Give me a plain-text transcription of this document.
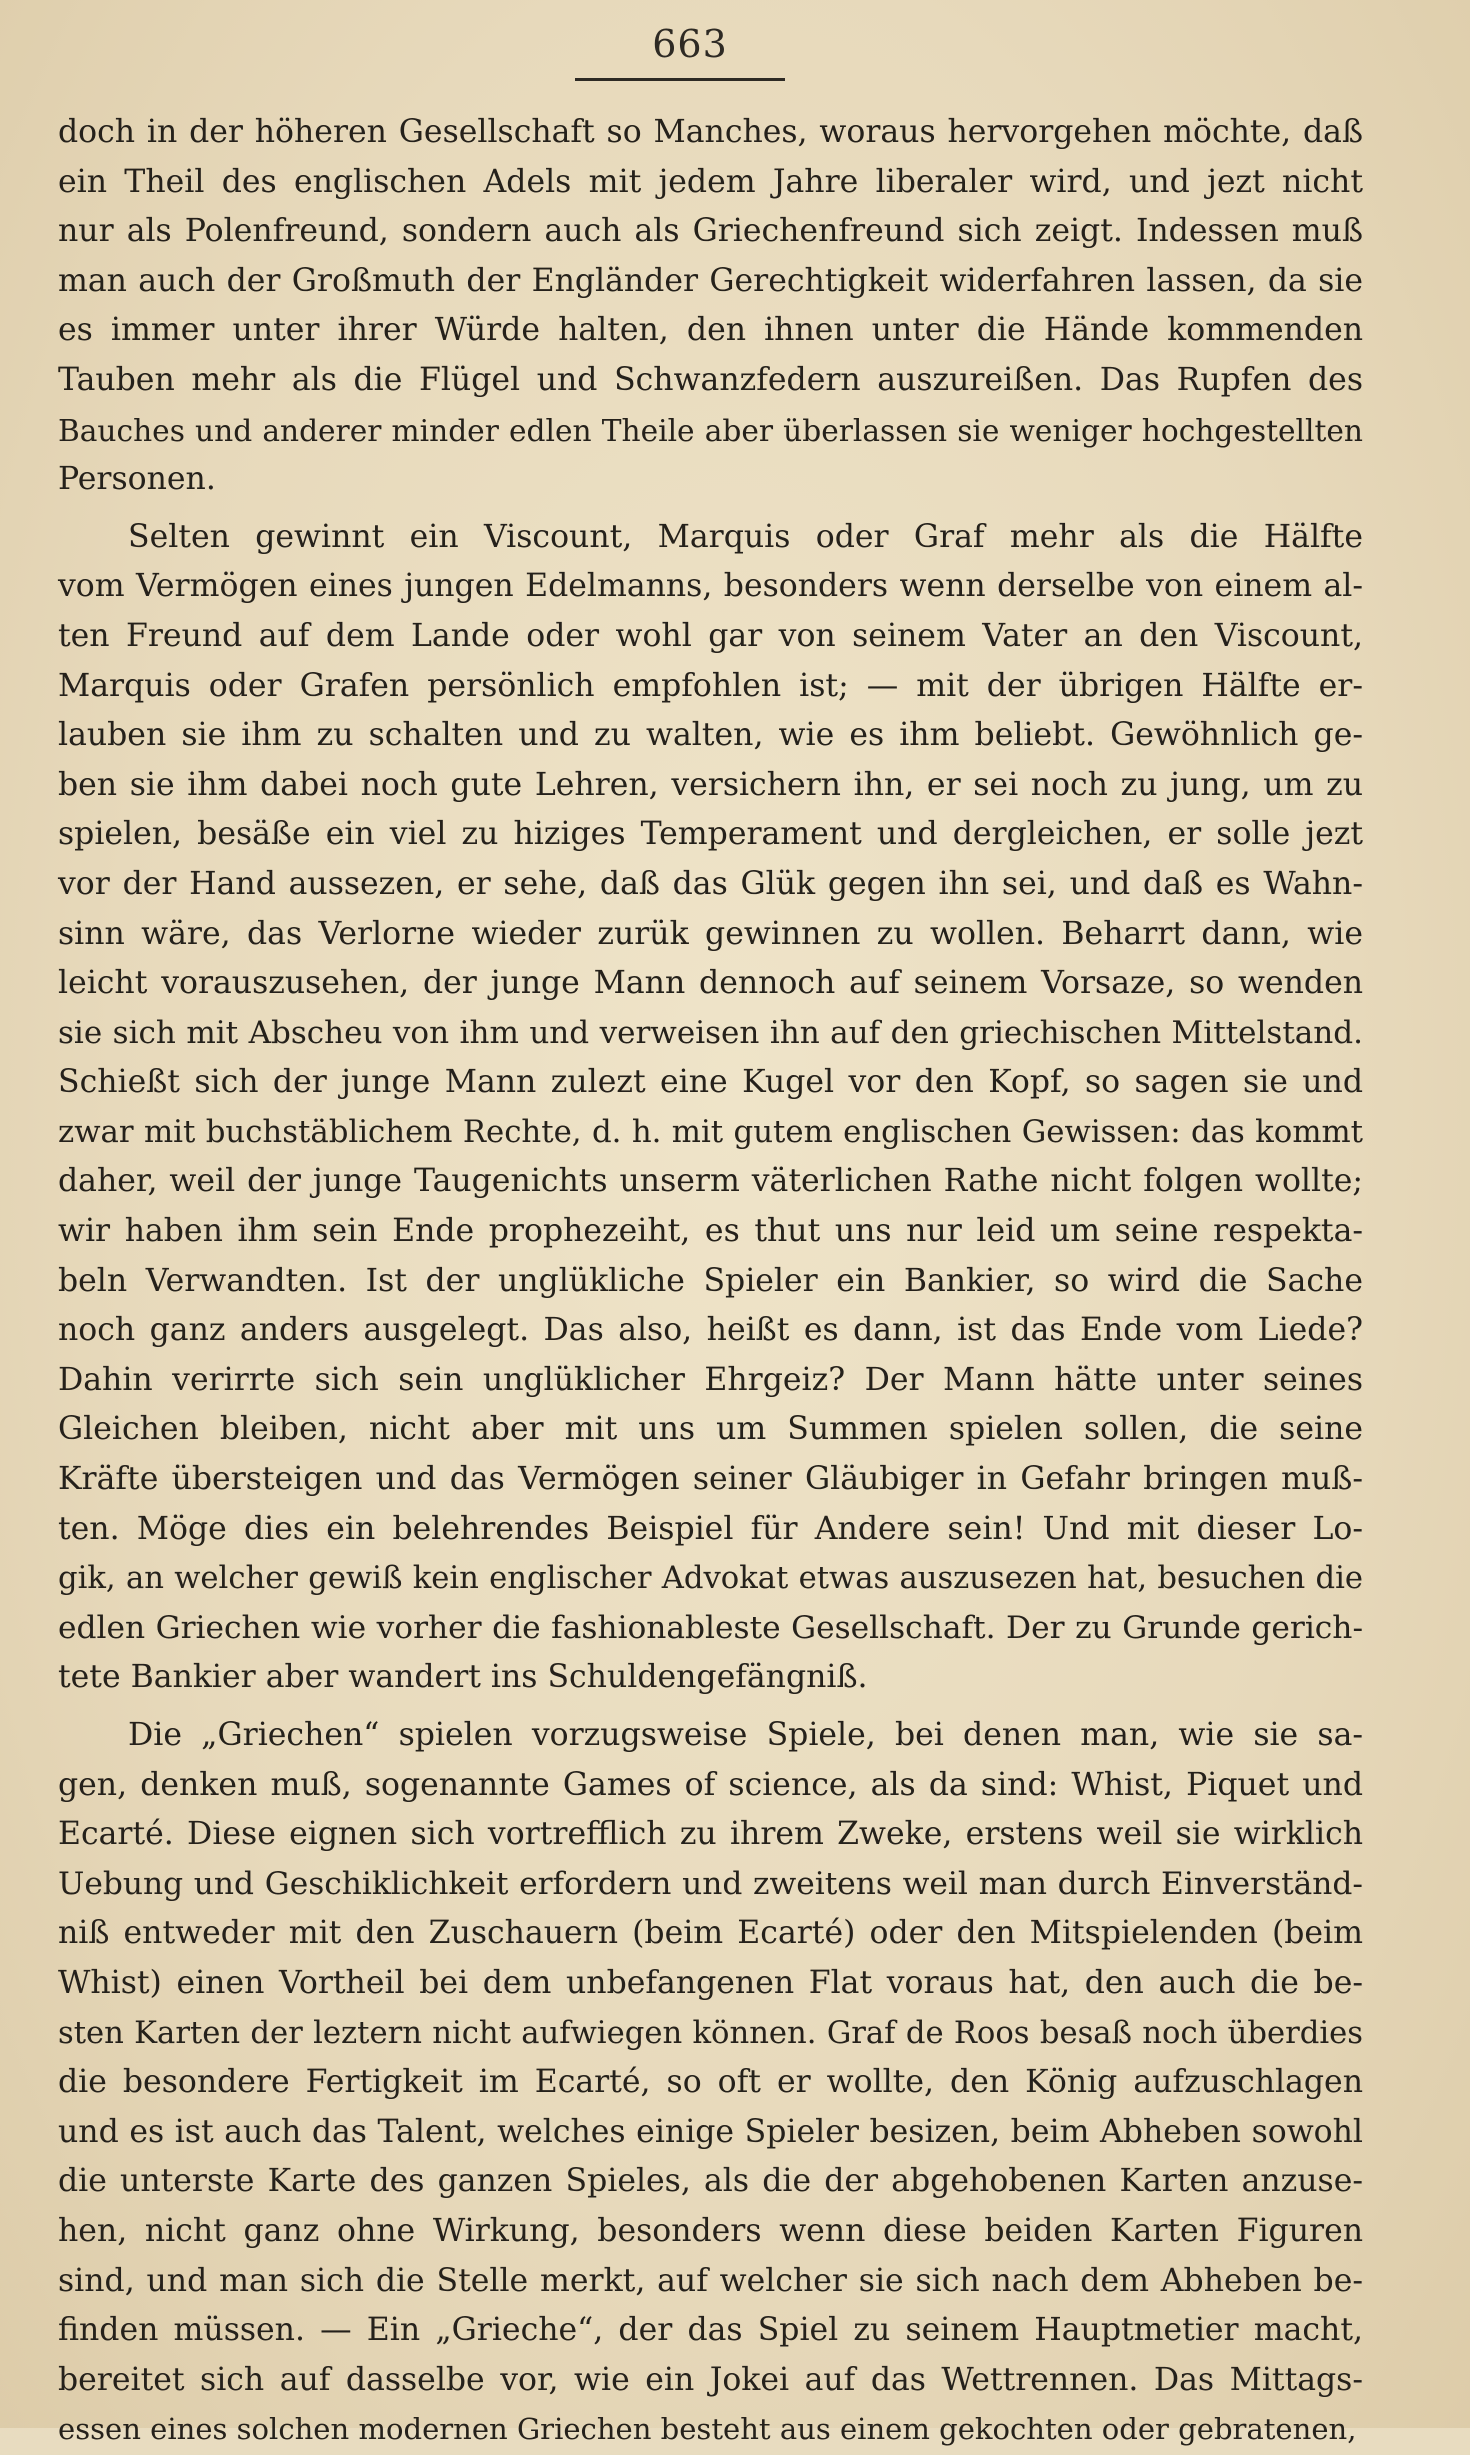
663
doch in der höheren Gesellschaft so Manches, woraus hervorgehen möchte, daß
ein Theil des englischen Adels mit jedem Jahre liberaler wird, und jezt nicht
nur als Polenfreund, sondern auch als Griechenfreund sich zeigt. Indessen muß
man auch der Großmuth der Engländer Gerechtigkeit widerfahren lassen, da sie
es immer unter ihrer Würde halten, den ihnen unter die Hände kommenden
Tauben mehr als die Flügel und Schwanzfedern auszureißen. Das Rupfen des
Bauches und anderer minder edlen Theile aber überlassen sie weniger hochgestellten
Personen.
Selten gewinnt ein Viscount, Marquis oder Graf mehr als die Hälfte
vom Vermögen eines jungen Edelmanns, besonders wenn derselbe von einem al-
ten Freund auf dem Lande oder wohl gar von seinem Vater an den Viscount,
Marquis oder Grafen persönlich empfohlen ist; — mit der übrigen Hälfte er-
lauben sie ihm zu schalten und zu walten, wie es ihm beliebt. Gewöhnlich ge-
ben sie ihm dabei noch gute Lehren, versichern ihn, er sei noch zu jung, um zu
spielen, besäße ein viel zu hiziges Temperament und dergleichen, er solle jezt
vor der Hand aussezen, er sehe, daß das Glük gegen ihn sei, und daß es Wahn-
sinn wäre, das Verlorne wieder zurük gewinnen zu wollen. Beharrt dann, wie
leicht vorauszusehen, der junge Mann dennoch auf seinem Vorsaze, so wenden
sie sich mit Abscheu von ihm und verweisen ihn auf den griechischen Mittelstand.
Schießt sich der junge Mann zulezt eine Kugel vor den Kopf, so sagen sie und
zwar mit buchstäblichem Rechte, d. h. mit gutem englischen Gewissen: das kommt
daher, weil der junge Taugenichts unserm väterlichen Rathe nicht folgen wollte;
wir haben ihm sein Ende prophezeiht, es thut uns nur leid um seine respekta-
beln Verwandten. Ist der unglükliche Spieler ein Bankier, so wird die Sache
noch ganz anders ausgelegt. Das also, heißt es dann, ist das Ende vom Liede?
Dahin verirrte sich sein unglüklicher Ehrgeiz? Der Mann hätte unter seines
Gleichen bleiben, nicht aber mit uns um Summen spielen sollen, die seine
Kräfte übersteigen und das Vermögen seiner Gläubiger in Gefahr bringen muß-
ten. Möge dies ein belehrendes Beispiel für Andere sein! Und mit dieser Lo-
gik, an welcher gewiß kein englischer Advokat etwas auszusezen hat, besuchen die
edlen Griechen wie vorher die fashionableste Gesellschaft. Der zu Grunde gerich-
tete Bankier aber wandert ins Schuldengefängniß.
Die „Griechen“ spielen vorzugsweise Spiele, bei denen man, wie sie sa-
gen, denken muß, sogenannte Games of science, als da sind: Whist, Piquet und
Ecarté. Diese eignen sich vortrefflich zu ihrem Zweke, erstens weil sie wirklich
Uebung und Geschiklichkeit erfordern und zweitens weil man durch Einverständ-
niß entweder mit den Zuschauern (beim Ecarté) oder den Mitspielenden (beim
Whist) einen Vortheil bei dem unbefangenen Flat voraus hat, den auch die be-
sten Karten der leztern nicht aufwiegen können. Graf de Roos besaß noch überdies
die besondere Fertigkeit im Ecarté, so oft er wollte, den König aufzuschlagen
und es ist auch das Talent, welches einige Spieler besizen, beim Abheben sowohl
die unterste Karte des ganzen Spieles, als die der abgehobenen Karten anzuse-
hen, nicht ganz ohne Wirkung, besonders wenn diese beiden Karten Figuren
sind, und man sich die Stelle merkt, auf welcher sie sich nach dem Abheben be-
finden müssen. — Ein „Grieche“, der das Spiel zu seinem Hauptmetier macht,
bereitet sich auf dasselbe vor, wie ein Jokei auf das Wettrennen. Das Mittags-
essen eines solchen modernen Griechen besteht aus einem gekochten oder gebratenen,
